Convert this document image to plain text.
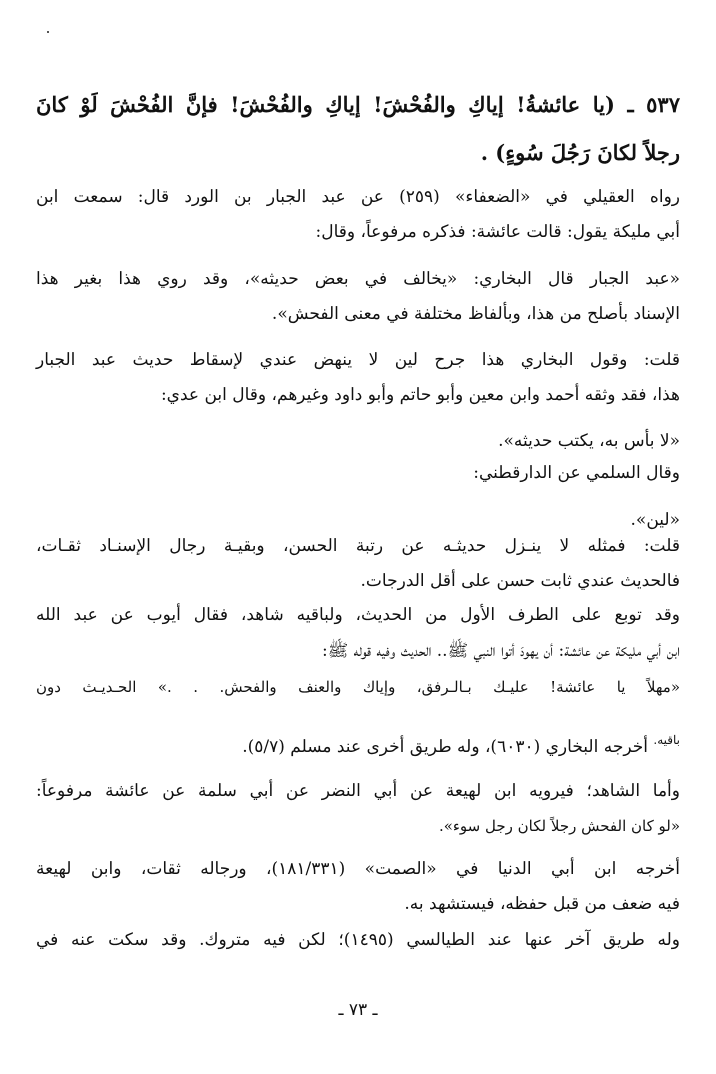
٥٣٧ ـ (يا عائشةُ! إياكِ والفُحْشَ! إياكِ والفُحْشَ! فإنَّ الفُحْشَ لَوْ كانَ
رجلاً لكانَ رَجُلَ سُوءٍ) .
رواه العقيلي في «الضعفاء» (٢٥٩) عن عبد الجبار بن الورد قال: سمعت ابن
أبي مليكة يقول: قالت عائشة: فذكره مرفوعاً، وقال:
«عبد الجبار قال البخاري: «يخالف في بعض حديثه»، وقد روي هذا بغير هذا
الإسناد بأصلح من هذا، وبألفاظ مختلفة في معنى الفحش».
قلت: وقول البخاري هذا جرح لين لا ينهض عندي لإسقاط حديث عبد الجبار
هذا، فقد وثقه أحمد وابن معين وأبو حاتم وأبو داود وغيرهم، وقال ابن عدي:
«لا بأس به، يكتب حديثه».
وقال السلمي عن الدارقطني:
«لين».
قلت: فمثله لا ينـزل حديثـه عن رتبة الحسن، وبقيـة رجال الإسنـاد ثقـات،
فالحديث عندي ثابت حسن على أقل الدرجات.
وقد توبع على الطرف الأول من الحديث، ولباقيه شاهد، فقال أيوب عن عبد الله
ابن أبي مليكة عن عائشة: أن يهودَ أتوا النبي ﷺ.. الحديث وفيه قوله ﷺ:
«مهلاً يا عائشة! عليـك بـالـرفق، وإياك والعنف والفحش. . .» الحـديـث دون
$^{باقيه.}$ أخرجه البخاري (٦٠٣٠)، وله طريق أخرى عند مسلم (٥/٧).
وأما الشاهد؛ فيرويه ابن لهيعة عن أبي النضر عن أبي سلمة عن عائشة مرفوعاً:
«لو كان الفحش رجلاً لكان رجل سوء».
أخرجه ابن أبي الدنيا في «الصمت» (١٨١/٣٣١)، ورجاله ثقات، وابن لهيعة
فيه ضعف من قبل حفظه، فيستشهد به.
وله طريق آخر عنها عند الطيالسي (١٤٩٥)؛ لكن فيه متروك. وقد سكت عنه في
ـ ٧٣ ـ
